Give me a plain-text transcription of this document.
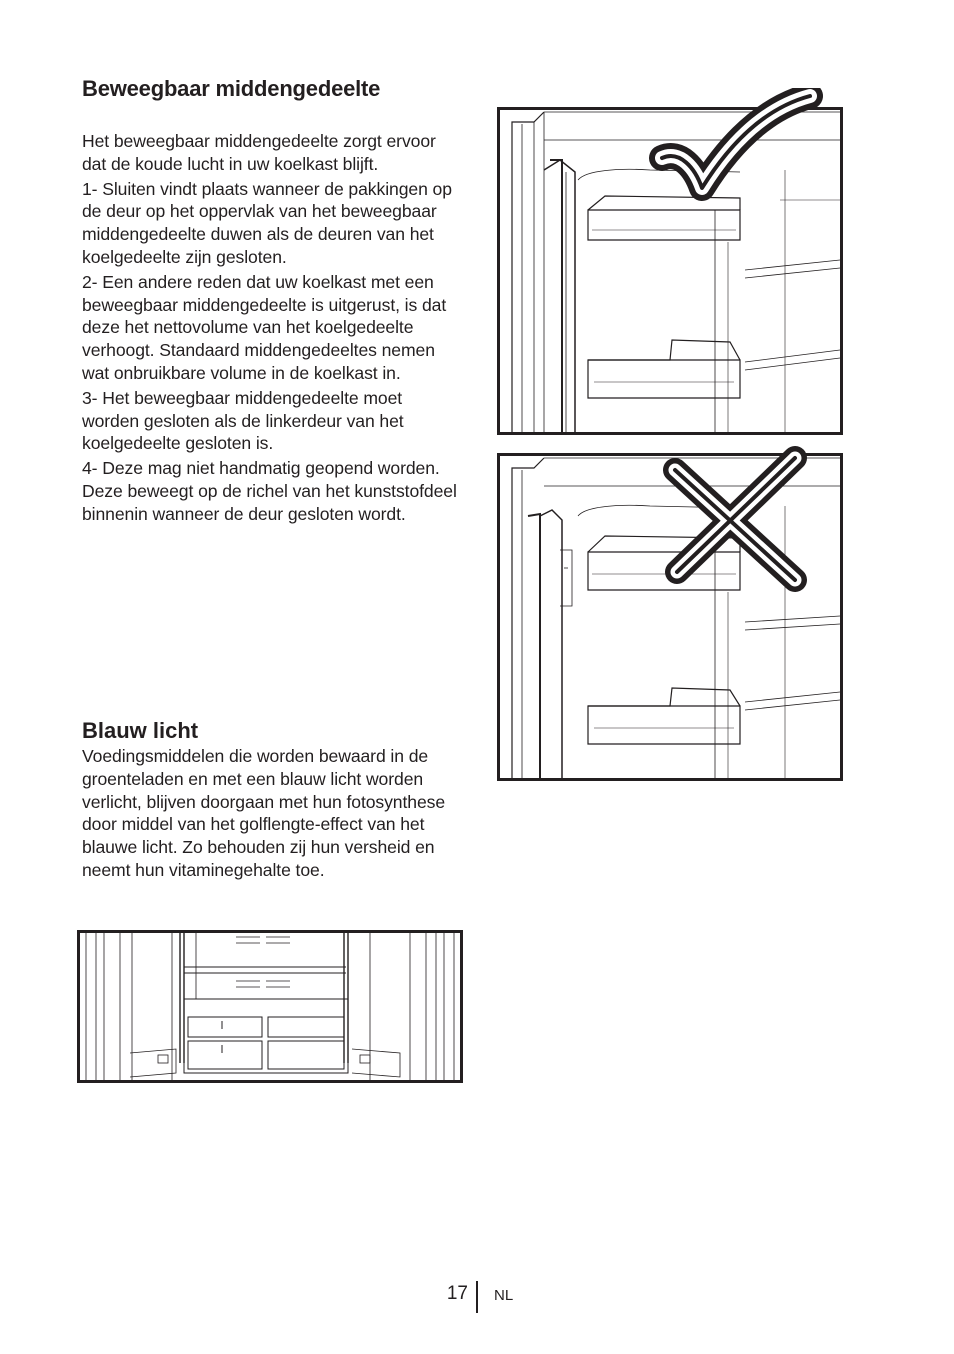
Beweegbaar middengedeelte

Het beweegbaar middengedeelte zorgt ervoor dat de koude lucht in uw koelkast blijft.

1- Sluiten vindt plaats wanneer de pakkingen op de deur op het oppervlak van het beweegbaar middengedeelte duwen als de deuren van het koelgedeelte zijn gesloten.

2- Een andere reden dat uw koelkast met een beweegbaar middengedeelte is uitgerust, is dat deze het nettovolume van het koelgedeelte verhoogt. Standaard middengedeeltes nemen wat onbruikbare volume in de koelkast in.

3- Het beweegbaar middengedeelte moet worden gesloten als de linkerdeur van het koelgedeelte gesloten is.

4- Deze mag niet handmatig geopend worden. Deze beweegt op de richel van het kunststofdeel binnenin wanneer de deur gesloten wordt.

Blauw licht

Voedingsmiddelen die worden bewaard in de groenteladen en met een blauw licht worden verlicht, blijven doorgaan met hun fotosynthese door middel van het golflengte-effect van het blauwe licht. Zo behouden zij hun versheid en neemt hun vitaminegehalte toe.

17 NL
